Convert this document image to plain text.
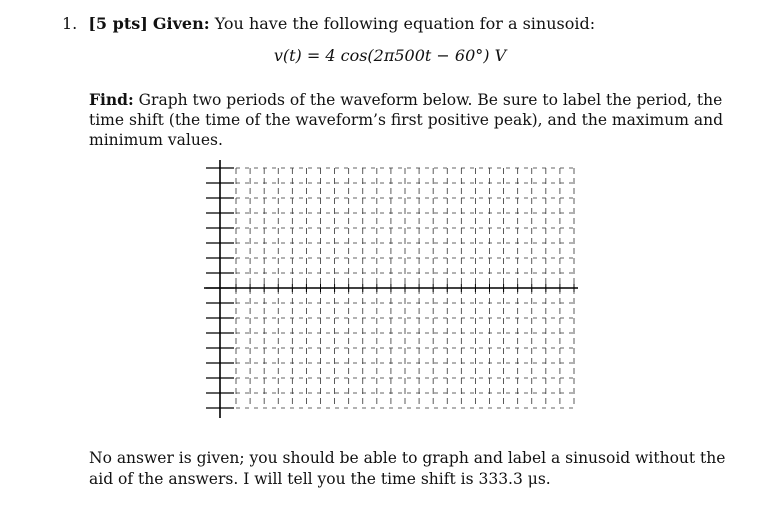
1. [5 pts] Given: You have the following equation for a sinusoid:
v(t) = 4 cos(2π500t − 60°) V
Find: Graph two periods of the waveform below. Be sure to label the period, the time shift (the time of the waveform’s first positive peak), and the maximum and minimum values.
No answer is given; you should be able to graph and label a sinusoid without the aid of the answers. I will tell you the time shift is 333.3 μs.
